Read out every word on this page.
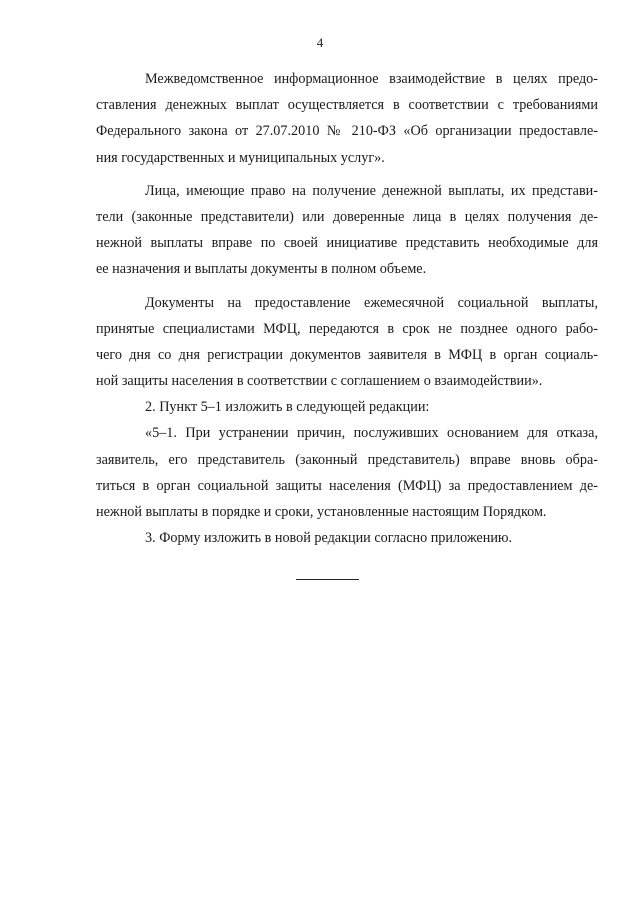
4
Межведомственное информационное взаимодействие в целях предо-
ставления денежных выплат осуществляется в соответствии с требованиями
Федерального закона от 27.07.2010 № 210-ФЗ «Об организации предоставле-
ния государственных и муниципальных услуг».
Лица, имеющие право на получение денежной выплаты, их представи-
тели (законные представители) или доверенные лица в целях получения де-
нежной выплаты вправе по своей инициативе представить необходимые для
ее назначения и выплаты документы в полном объеме.
Документы на предоставление ежемесячной социальной выплаты,
принятые специалистами МФЦ, передаются в срок не позднее одного рабо-
чего дня со дня регистрации документов заявителя в МФЦ в орган социаль-
ной защиты населения в соответствии с соглашением о взаимодействии».
2. Пункт 5–1 изложить в следующей редакции:
«5–1. При устранении причин, послуживших основанием для отказа,
заявитель, его представитель (законный представитель) вправе вновь обра-
титься в орган социальной защиты населения (МФЦ) за предоставлением де-
нежной выплаты в порядке и сроки, установленные настоящим Порядком.
3. Форму изложить в новой редакции согласно приложению.
